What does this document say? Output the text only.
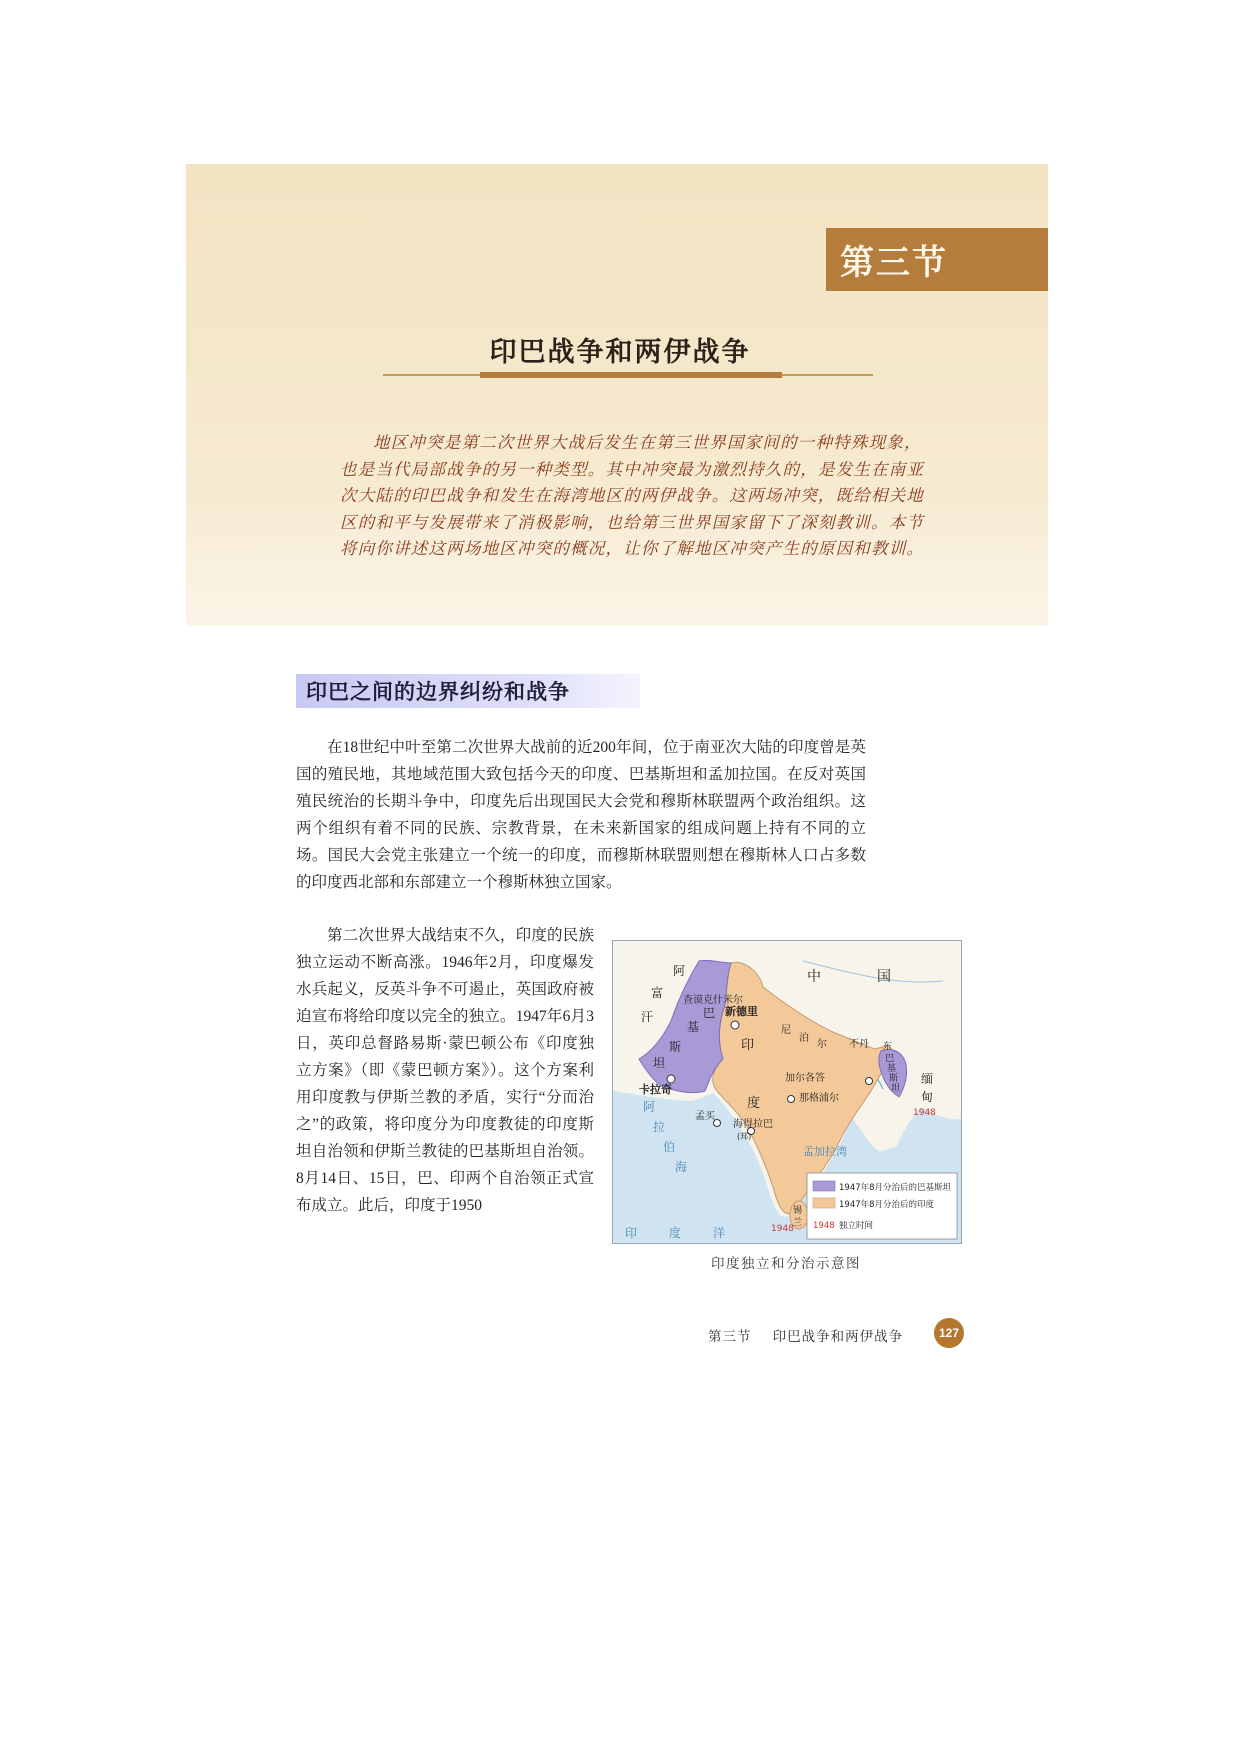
第三节
印巴战争和两伊战争
地区冲突是第二次世界大战后发生在第三世界国家间的一种特殊现象，也是当代局部战争的另一种类型。其中冲突最为激烈持久的，是发生在南亚次大陆的印巴战争和发生在海湾地区的两伊战争。这两场冲突，既给相关地区的和平与发展带来了消极影响，也给第三世界国家留下了深刻教训。本节将向你讲述这两场地区冲突的概况，让你了解地区冲突产生的原因和教训。
印巴之间的边界纠纷和战争
在18世纪中叶至第二次世界大战前的近200年间，位于南亚次大陆的印度曾是英国的殖民地，其地域范围大致包括今天的印度、巴基斯坦和孟加拉国。在反对英国殖民统治的长期斗争中，印度先后出现国民大会党和穆斯林联盟两个政治组织。这两个组织有着不同的民族、宗教背景，在未来新国家的组成问题上持有不同的立场。国民大会党主张建立一个统一的印度，而穆斯林联盟则想在穆斯林人口占多数的印度西北部和东部建立一个穆斯林独立国家。
第二次世界大战结束不久，印度的民族独立运动不断高涨。1946年2月，印度爆发水兵起义，反英斗争不可遏止，英国政府被迫宣布将给印度以完全的独立。1947年6月3日，英印总督路易斯·蒙巴顿公布《印度独立方案》（即《蒙巴顿方案》）。这个方案利用印度教与伊斯兰教的矛盾，实行“分而治之”的政策，将印度分为印度教徒的印度斯坦自治领和伊斯兰教徒的巴基斯坦自治领。8月14日、15日，巴、印两个自治领正式宣布成立。此后，印度于1950
阿
富
汗
中	国
查谟克什米尔
巴
基
斯
坦
卡拉奇
新德里
印
度
尼
泊
尔 不丹 东
巴
基
斯
坦
加尔各答
那格浦尔
缅
甸
1948
阿
拉
伯
海
孟加拉湾
孟买
海得拉巴
(邦)
锡
兰
1948
印	度	洋
1947年8月分治后的巴基斯坦
1947年8月分治后的印度
1948 独立时间
印度独立和分治示意图
第三节    印巴战争和两伊战争	127
